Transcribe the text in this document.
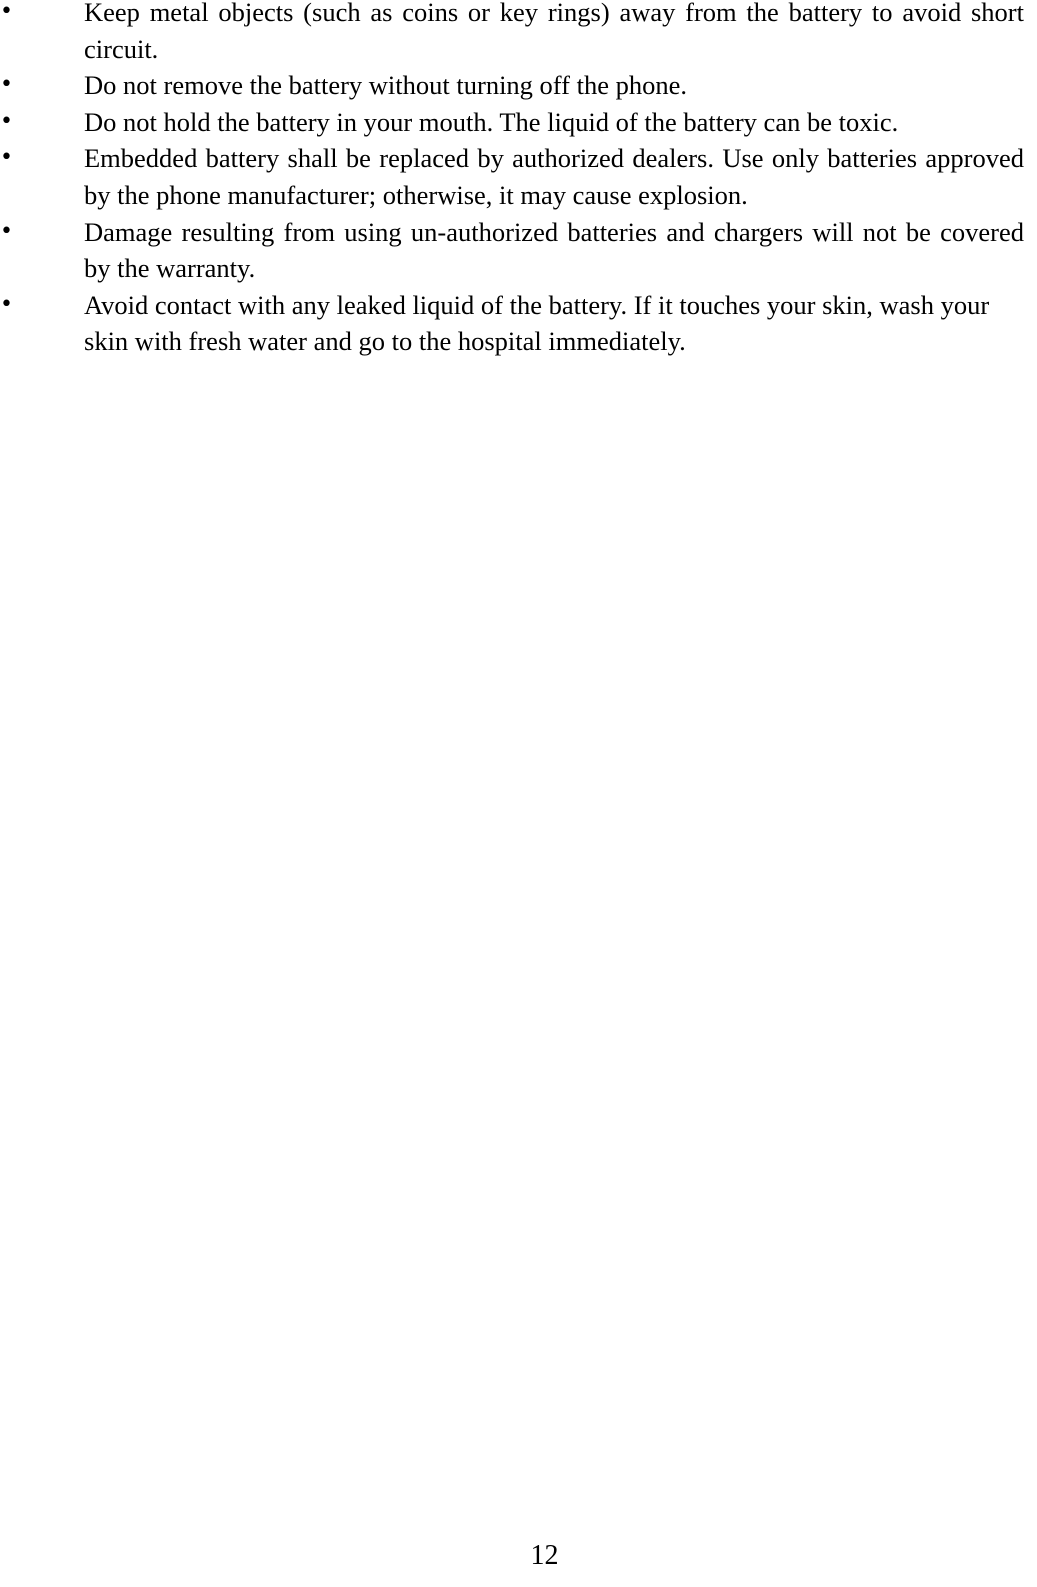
•	Keep metal objects (such as coins or key rings) away from the battery to avoid short circuit.
•	Do not remove the battery without turning off the phone.
•	Do not hold the battery in your mouth. The liquid of the battery can be toxic.
•	Embedded battery shall be replaced by authorized dealers. Use only batteries approved by the phone manufacturer; otherwise, it may cause explosion.
•	Damage resulting from using un-authorized batteries and chargers will not be covered by the warranty.
•	Avoid contact with any leaked liquid of the battery. If it touches your skin, wash your skin with fresh water and go to the hospital immediately.
12
